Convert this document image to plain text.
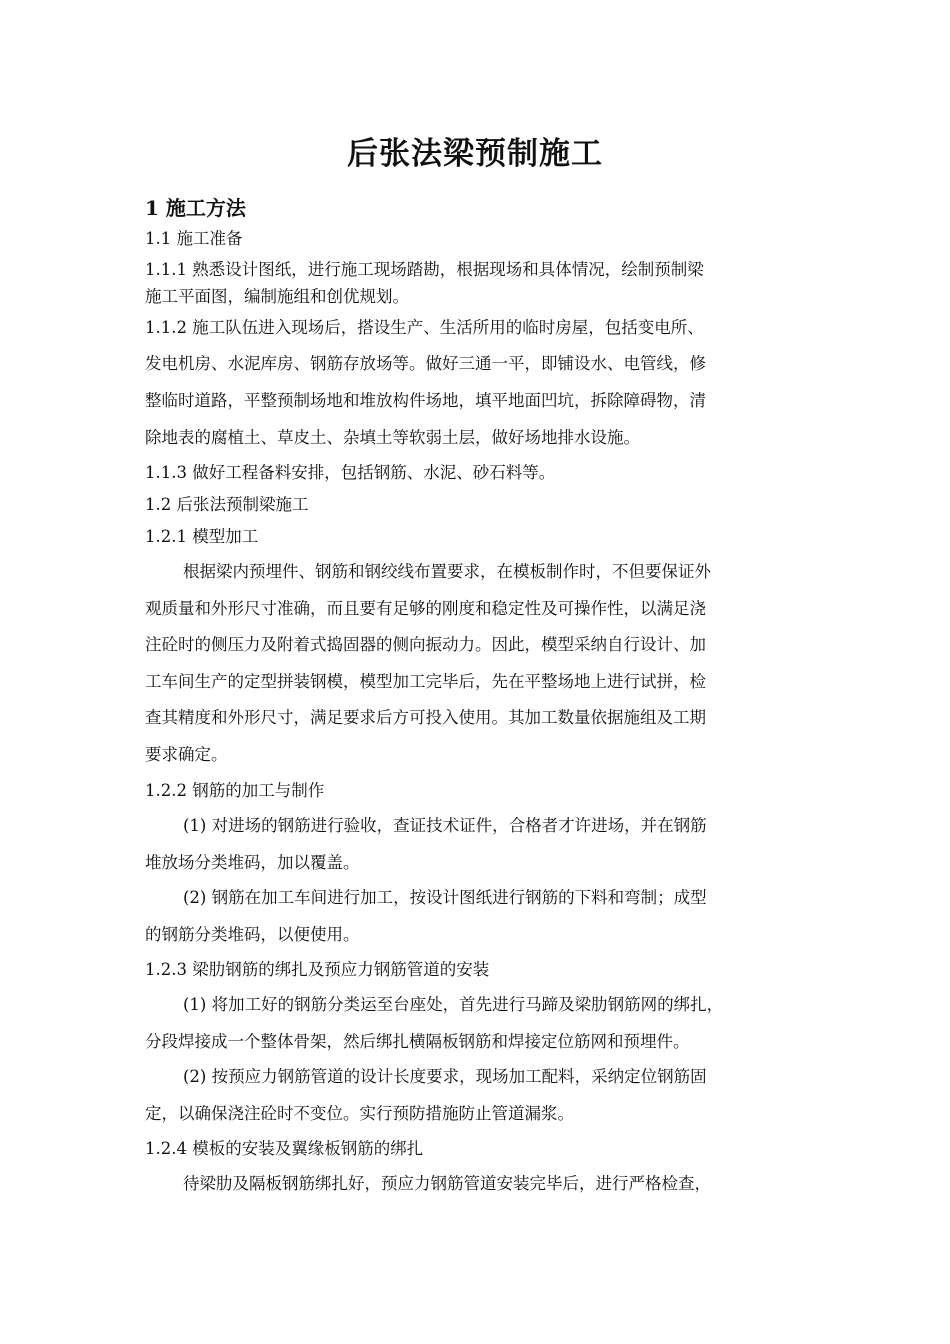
后张法梁预制施工
1 施工方法
1.1 施工准备
1.1.1 熟悉设计图纸，进行施工现场踏勘，根据现场和具体情况，绘制预制梁
施工平面图，编制施组和创优规划。
1.1.2 施工队伍进入现场后，搭设生产、生活所用的临时房屋，包括变电所、
发电机房、水泥库房、钢筋存放场等。做好三通一平，即铺设水、电管线，修
整临时道路，平整预制场地和堆放构件场地，填平地面凹坑，拆除障碍物，清
除地表的腐植土、草皮土、杂填土等软弱土层，做好场地排水设施。
1.1.3 做好工程备料安排，包括钢筋、水泥、砂石料等。
1.2 后张法预制梁施工
1.2.1 模型加工
根据梁内预埋件、钢筋和钢绞线布置要求，在模板制作时，不但要保证外
观质量和外形尺寸准确，而且要有足够的刚度和稳定性及可操作性，以满足浇
注砼时的侧压力及附着式捣固器的侧向振动力。因此，模型采纳自行设计、加
工车间生产的定型拼装钢模，模型加工完毕后，先在平整场地上进行试拼，检
查其精度和外形尺寸，满足要求后方可投入使用。其加工数量依据施组及工期
要求确定。
1.2.2 钢筋的加工与制作
(1) 对进场的钢筋进行验收，查证技术证件，合格者才许进场，并在钢筋
堆放场分类堆码，加以覆盖。
(2) 钢筋在加工车间进行加工，按设计图纸进行钢筋的下料和弯制；成型
的钢筋分类堆码，以便使用。
1.2.3 梁肋钢筋的绑扎及预应力钢筋管道的安装
(1) 将加工好的钢筋分类运至台座处，首先进行马蹄及梁肋钢筋网的绑扎，
分段焊接成一个整体骨架，然后绑扎横隔板钢筋和焊接定位筋网和预埋件。
(2) 按预应力钢筋管道的设计长度要求，现场加工配料，采纳定位钢筋固
定，以确保浇注砼时不变位。实行预防措施防止管道漏浆。
1.2.4 模板的安装及翼缘板钢筋的绑扎
待梁肋及隔板钢筋绑扎好，预应力钢筋管道安装完毕后，进行严格检查，
